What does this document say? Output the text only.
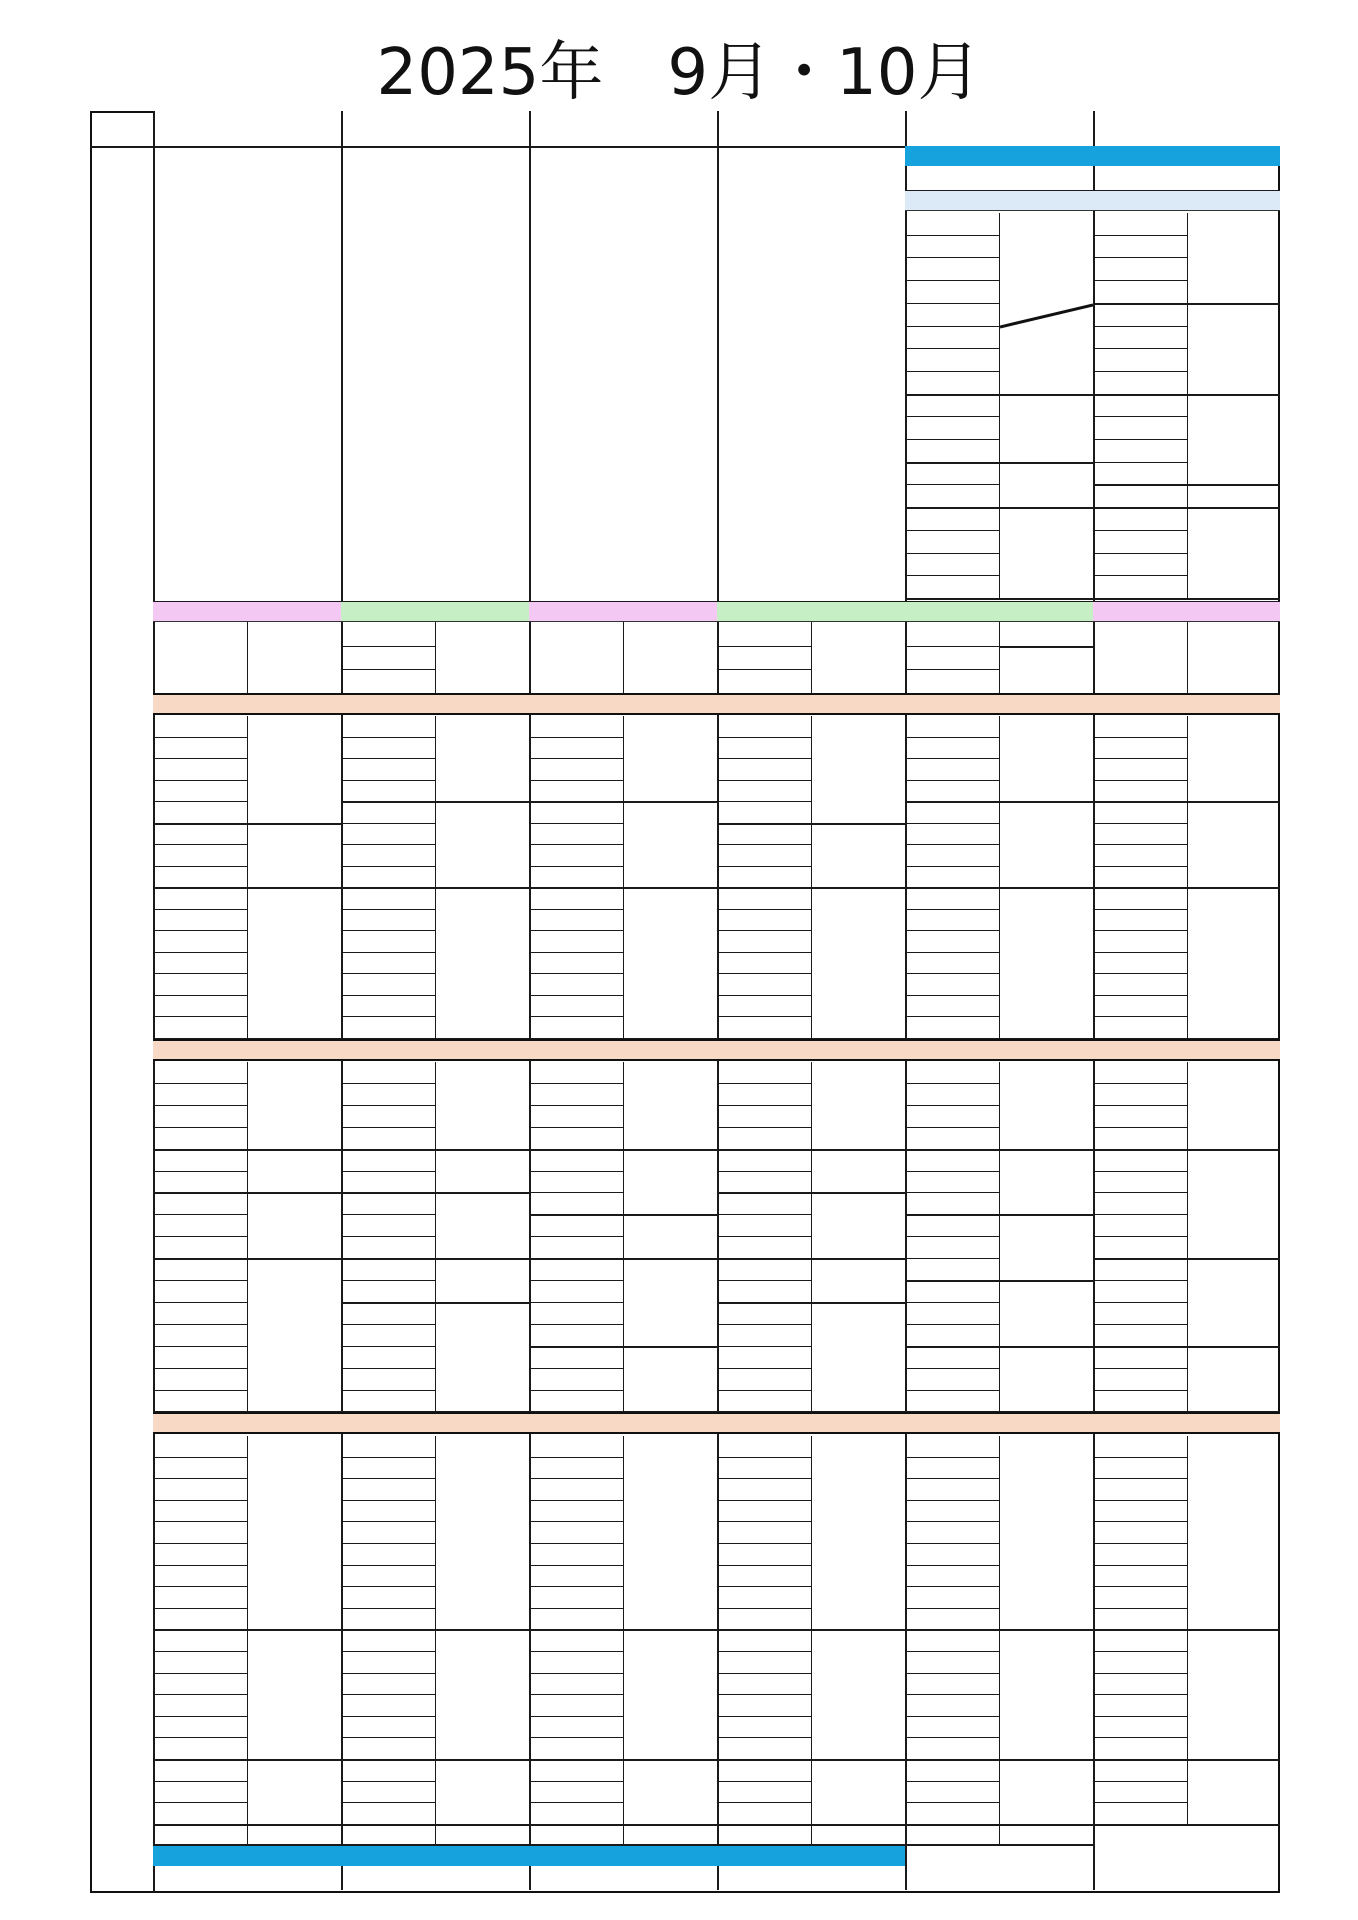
2025年　9月・10月
